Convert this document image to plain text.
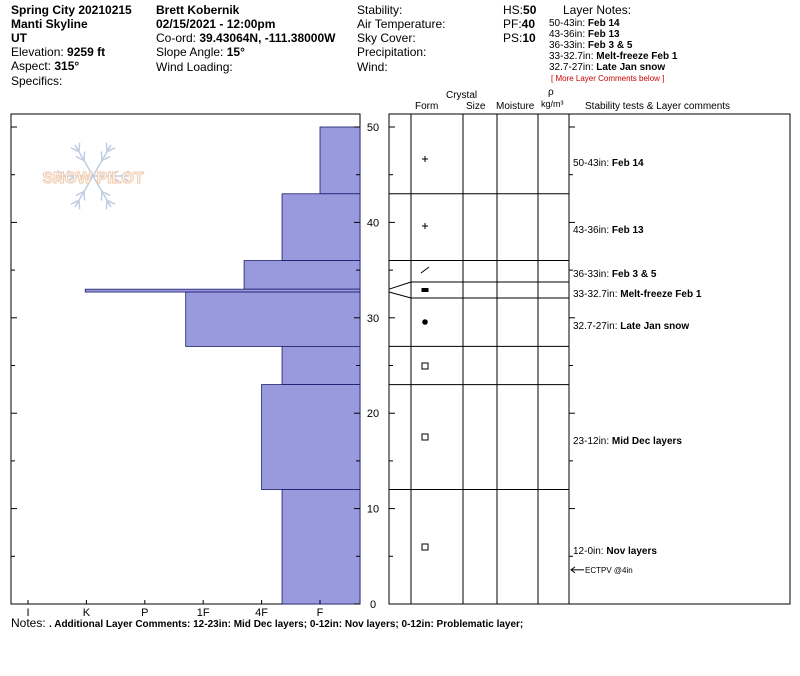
Spring City 20210215
Manti Skyline
UT
Elevation: 9259 ft
Aspect: 315°
Specifics:
Brett Kobernik
02/15/2021 - 12:00pm
Co-ord: 39.43064N, -111.38000W
Slope Angle: 15°
Wind Loading:
Stability:
Air Temperature:
Sky Cover:
Precipitation:
Wind:
HS:50
PF:40
PS:10
Layer Notes:
50-43in: Feb 14
43-36in: Feb 13
36-33in: Feb 3 & 5
33-32.7in: Melt-freeze Feb 1
32.7-27in: Late Jan snow
[ More Layer Comments below ]
Crystal
Form	Size Moisture
ρ
kg/m³ Stability tests & Layer comments
SNOW PILOT
I	K	P	1F	4F	F
0
10
20
30
40
50
50-43in: Feb 14
43-36in: Feb 13
36-33in: Feb 3 & 5
33-32.7in: Melt-freeze Feb 1
32.7-27in: Late Jan snow
23-12in: Mid Dec layers
12-0in: Nov layers
ECTPV @4in
Notes: . Additional Layer Comments: 12-23in: Mid Dec layers; 0-12in: Nov layers; 0-12in: Problematic layer;
